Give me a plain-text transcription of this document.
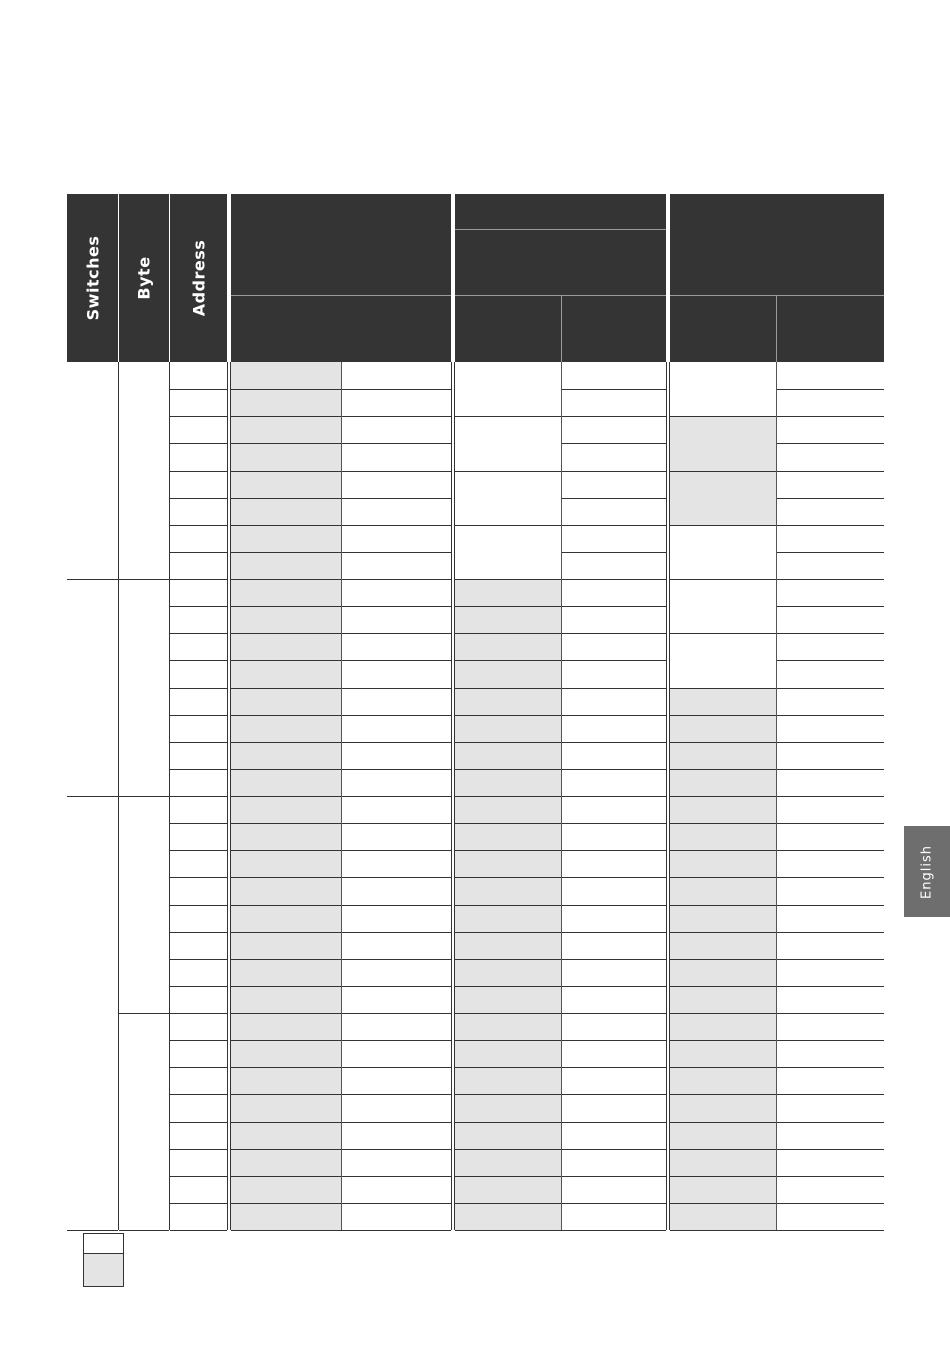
Switches Byte Address
English
